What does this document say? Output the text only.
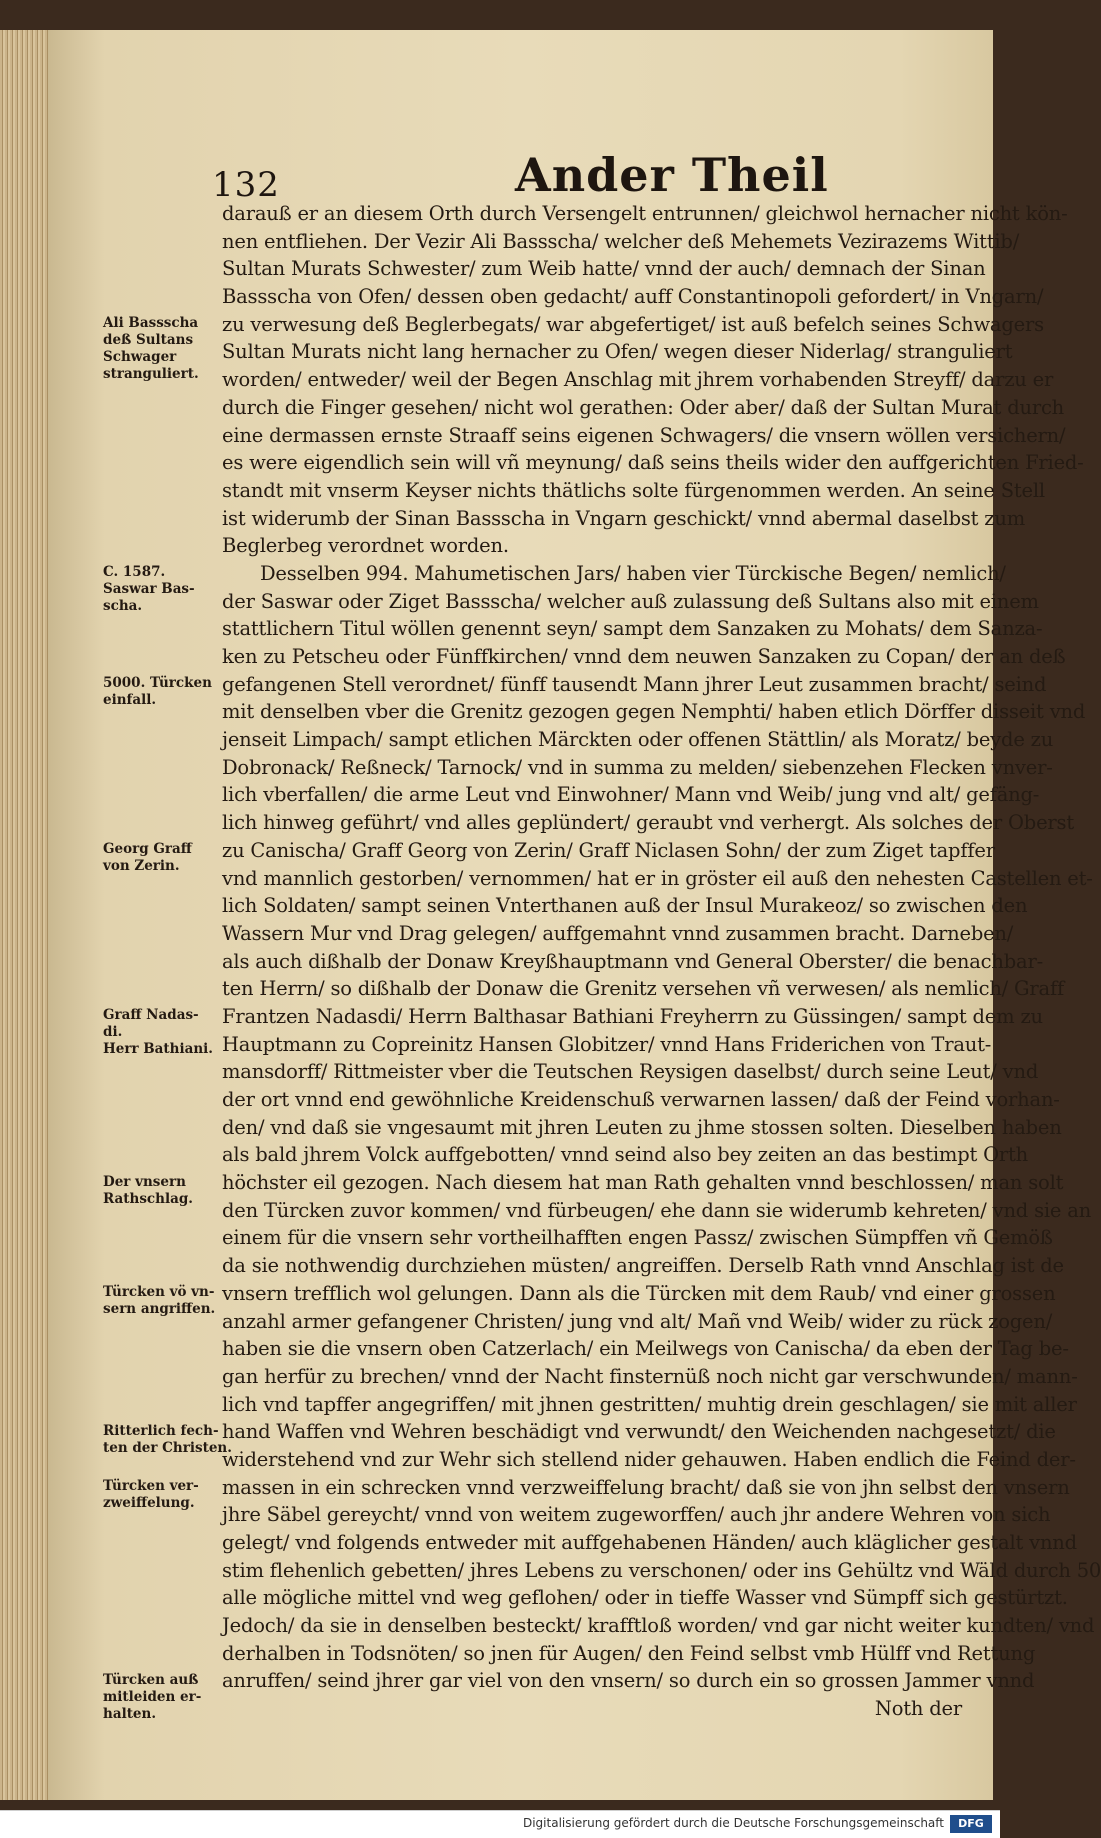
132	Ander Theil
darauß er an diesem Orth durch Versengelt entrunnen/ gleichwol hernacher nicht kön-
nen entfliehen. Der Vezir Ali Bassscha/ welcher deß Mehemets Vezirazems Wittib/
Sultan Murats Schwester/ zum Weib hatte/ vnnd der auch/ demnach der Sinan
Bassscha von Ofen/ dessen oben gedacht/ auff Constantinopoli gefordert/ in Vngarn/
zu verwesung deß Beglerbegats/ war abgefertiget/ ist auß befelch seines Schwagers
Sultan Murats nicht lang hernacher zu Ofen/ wegen dieser Niderlag/ stranguliert
worden/ entweder/ weil der Begen Anschlag mit jhrem vorhabenden Streyff/ darzu er
durch die Finger gesehen/ nicht wol gerathen: Oder aber/ daß der Sultan Murat durch
eine dermassen ernste Straaff seins eigenen Schwagers/ die vnsern wöllen versichern/
es were eigendlich sein will vñ meynung/ daß seins theils wider den auffgerichten Fried-
standt mit vnserm Keyser nichts thätlichs solte fürgenommen werden. An seine Stell
ist widerumb der Sinan Bassscha in Vngarn geschickt/ vnnd abermal daselbst zum
Beglerbeg verordnet worden.
Desselben 994. Mahumetischen Jars/ haben vier Türckische Begen/ nemlich/
der Saswar oder Ziget Bassscha/ welcher auß zulassung deß Sultans also mit einem
stattlichern Titul wöllen genennt seyn/ sampt dem Sanzaken zu Mohats/ dem Sanza-
ken zu Petscheu oder Fünffkirchen/ vnnd dem neuwen Sanzaken zu Copan/ der an deß
gefangenen Stell verordnet/ fünff tausendt Mann jhrer Leut zusammen bracht/ seind
mit denselben vber die Grenitz gezogen gegen Nemphti/ haben etlich Dörffer disseit vnd
jenseit Limpach/ sampt etlichen Märckten oder offenen Stättlin/ als Moratz/ beyde zu
Dobronack/ Reßneck/ Tarnock/ vnd in summa zu melden/ siebenzehen Flecken vnver-
lich vberfallen/ die arme Leut vnd Einwohner/ Mann vnd Weib/ jung vnd alt/ gefäng-
lich hinweg geführt/ vnd alles geplündert/ geraubt vnd verhergt. Als solches der Oberst
zu Canischa/ Graff Georg von Zerin/ Graff Niclasen Sohn/ der zum Ziget tapffer
vnd mannlich gestorben/ vernommen/ hat er in gröster eil auß den nehesten Castellen et-
lich Soldaten/ sampt seinen Vnterthanen auß der Insul Murakeoz/ so zwischen den
Wassern Mur vnd Drag gelegen/ auffgemahnt vnnd zusammen bracht. Darneben/
als auch dißhalb der Donaw Kreyßhauptmann vnd General Oberster/ die benachbar-
ten Herrn/ so dißhalb der Donaw die Grenitz versehen vñ verwesen/ als nemlich/ Graff
Frantzen Nadasdi/ Herrn Balthasar Bathiani Freyherrn zu Güssingen/ sampt dem zu
Hauptmann zu Copreinitz Hansen Globitzer/ vnnd Hans Friderichen von Traut-
mansdorff/ Rittmeister vber die Teutschen Reysigen daselbst/ durch seine Leut/ vnd
der ort vnnd end gewöhnliche Kreidenschuß verwarnen lassen/ daß der Feind vorhan-
den/ vnd daß sie vngesaumt mit jhren Leuten zu jhme stossen solten. Dieselben haben
als bald jhrem Volck auffgebotten/ vnnd seind also bey zeiten an das bestimpt Orth
höchster eil gezogen. Nach diesem hat man Rath gehalten vnnd beschlossen/ man solt
den Türcken zuvor kommen/ vnd fürbeugen/ ehe dann sie widerumb kehreten/ vnd sie an
einem für die vnsern sehr vortheilhafften engen Passz/ zwischen Sümpffen vñ Gemöß
da sie nothwendig durchziehen müsten/ angreiffen. Derselb Rath vnnd Anschlag ist de
vnsern trefflich wol gelungen. Dann als die Türcken mit dem Raub/ vnd einer grossen
anzahl armer gefangener Christen/ jung vnd alt/ Mañ vnd Weib/ wider zu rück zogen/
haben sie die vnsern oben Catzerlach/ ein Meilwegs von Canischa/ da eben der Tag be-
gan herfür zu brechen/ vnnd der Nacht finsternüß noch nicht gar verschwunden/ mann-
lich vnd tapffer angegriffen/ mit jhnen gestritten/ muhtig drein geschlagen/ sie mit aller
hand Waffen vnd Wehren beschädigt vnd verwundt/ den Weichenden nachgesetzt/ die
widerstehend vnd zur Wehr sich stellend nider gehauwen. Haben endlich die Feind der-
massen in ein schrecken vnnd verzweiffelung bracht/ daß sie von jhn selbst den vnsern
jhre Säbel gereycht/ vnnd von weitem zugeworffen/ auch jhr andere Wehren von sich
gelegt/ vnd folgends entweder mit auffgehabenen Händen/ auch kläglicher gestalt vnnd
stim flehenlich gebetten/ jhres Lebens zu verschonen/ oder ins Gehültz vnd Wäld durch 50
alle mögliche mittel vnd weg geflohen/ oder in tieffe Wasser vnd Sümpff sich gestürtzt.
Jedoch/ da sie in denselben besteckt/ krafftloß worden/ vnd gar nicht weiter kundten/ vnd
derhalben in Todsnöten/ so jnen für Augen/ den Feind selbst vmb Hülff vnd Rettung
anruffen/ seind jhrer gar viel von den vnsern/ so durch ein so grossen Jammer vnnd
Noth der
Ali Bassscha
deß Sultans
Schwager
stranguliert.
C. 1587.
Saswar Bas-
scha.
5000. Türcken
einfall.
Georg Graff
von Zerin.
Graff Nadas-
di.
Herr Bathiani.
Der vnsern
Rathschlag.
Türcken vö vn-
sern angriffen.
Ritterlich fech-
ten der Christen.
Türcken ver-
zweiffelung.
Türcken auß
mitleiden er-
halten.
Digitalisierung gefördert durch die Deutsche Forschungsgemeinschaft	DFG
